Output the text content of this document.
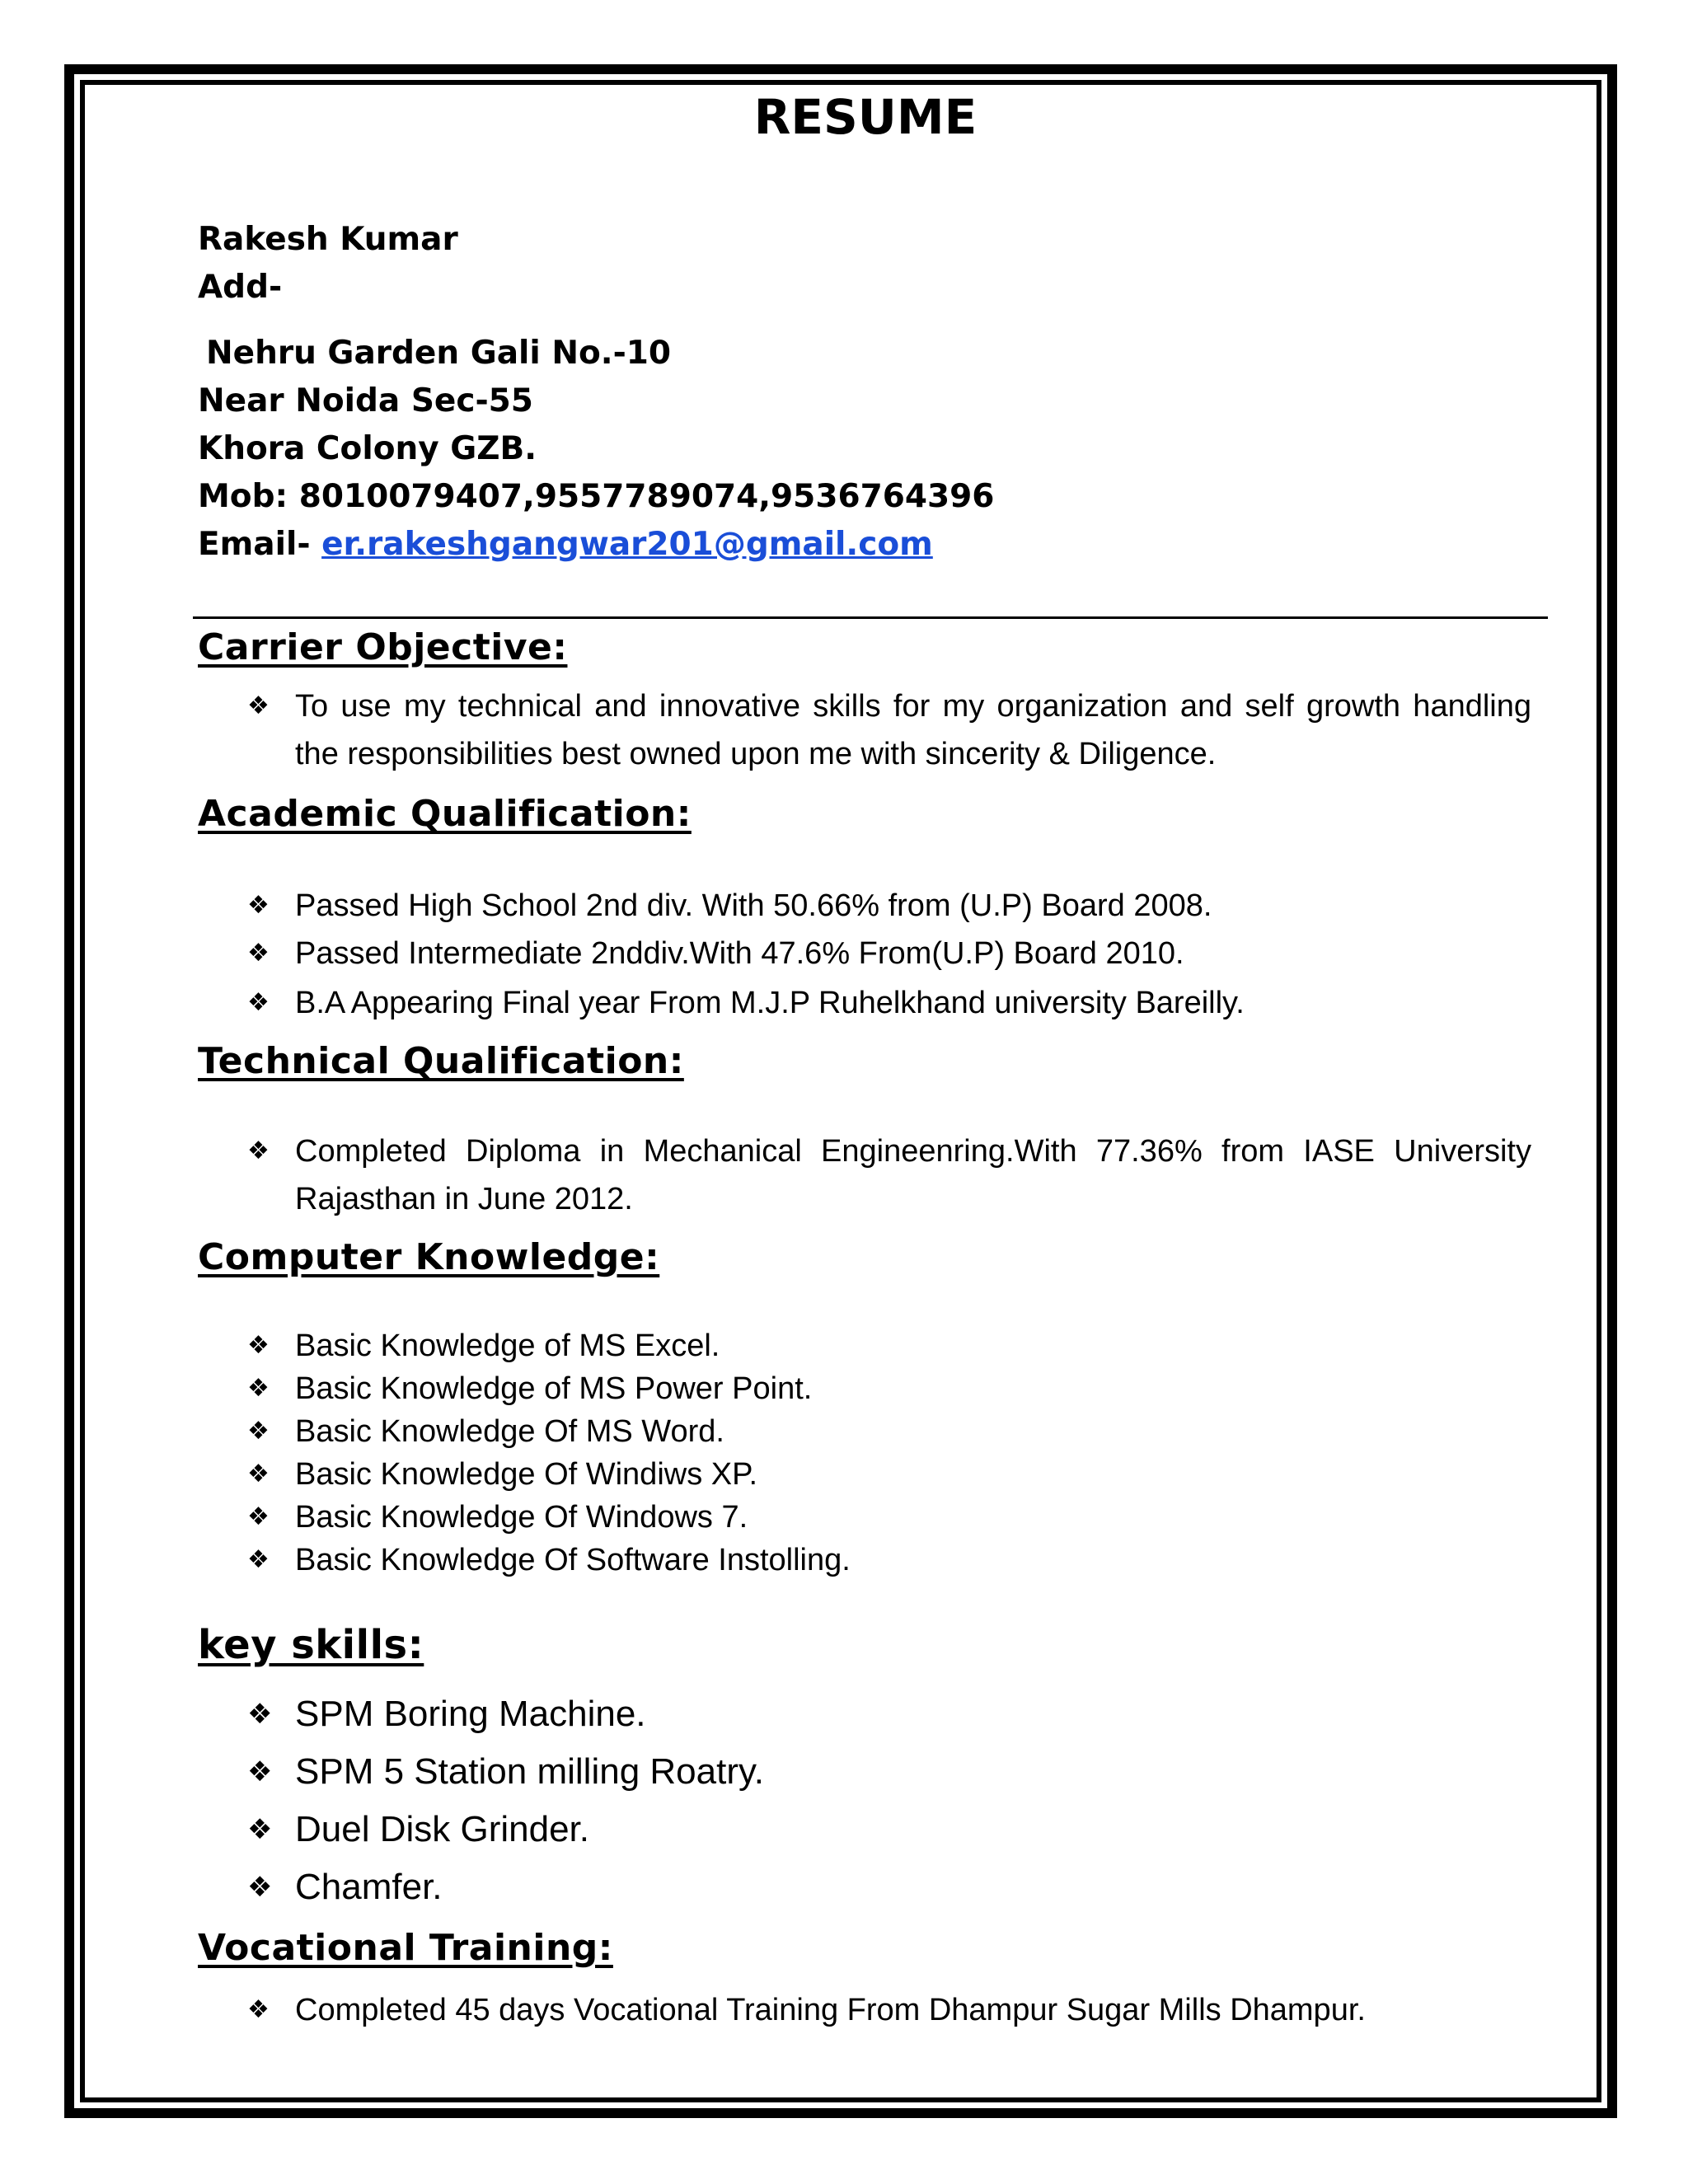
RESUME
Rakesh Kumar
Add-
Nehru Garden Gali No.-10
Near Noida Sec-55
Khora Colony GZB.
Mob: 8010079407,9557789074,9536764396
Email- er.rakeshgangwar201@gmail.com
Carrier Objective:
❖ To use my technical and innovative skills for my organization and self growth handling the responsibilities best owned upon me with sincerity & Diligence.
Academic Qualification:
❖ Passed High School 2nd div. With 50.66% from (U.P) Board 2008.
❖ Passed Intermediate 2nddiv.With 47.6% From(U.P) Board 2010.
❖ B.A Appearing Final year From M.J.P Ruhelkhand university Bareilly.
Technical Qualification:
❖ Completed Diploma in Mechanical Engineenring.With 77.36% from IASE University Rajasthan in June 2012.
Computer Knowledge:
❖ Basic Knowledge of MS Excel.
❖ Basic Knowledge of MS Power Point.
❖ Basic Knowledge Of MS Word.
❖ Basic Knowledge Of Windiws XP.
❖ Basic Knowledge Of Windows 7.
❖ Basic Knowledge Of Software Instolling.
key skills:
❖ SPM Boring Machine.
❖ SPM 5 Station milling Roatry.
❖ Duel Disk Grinder.
❖ Chamfer.
Vocational Training:
❖ Completed 45 days Vocational Training From Dhampur Sugar Mills Dhampur.
